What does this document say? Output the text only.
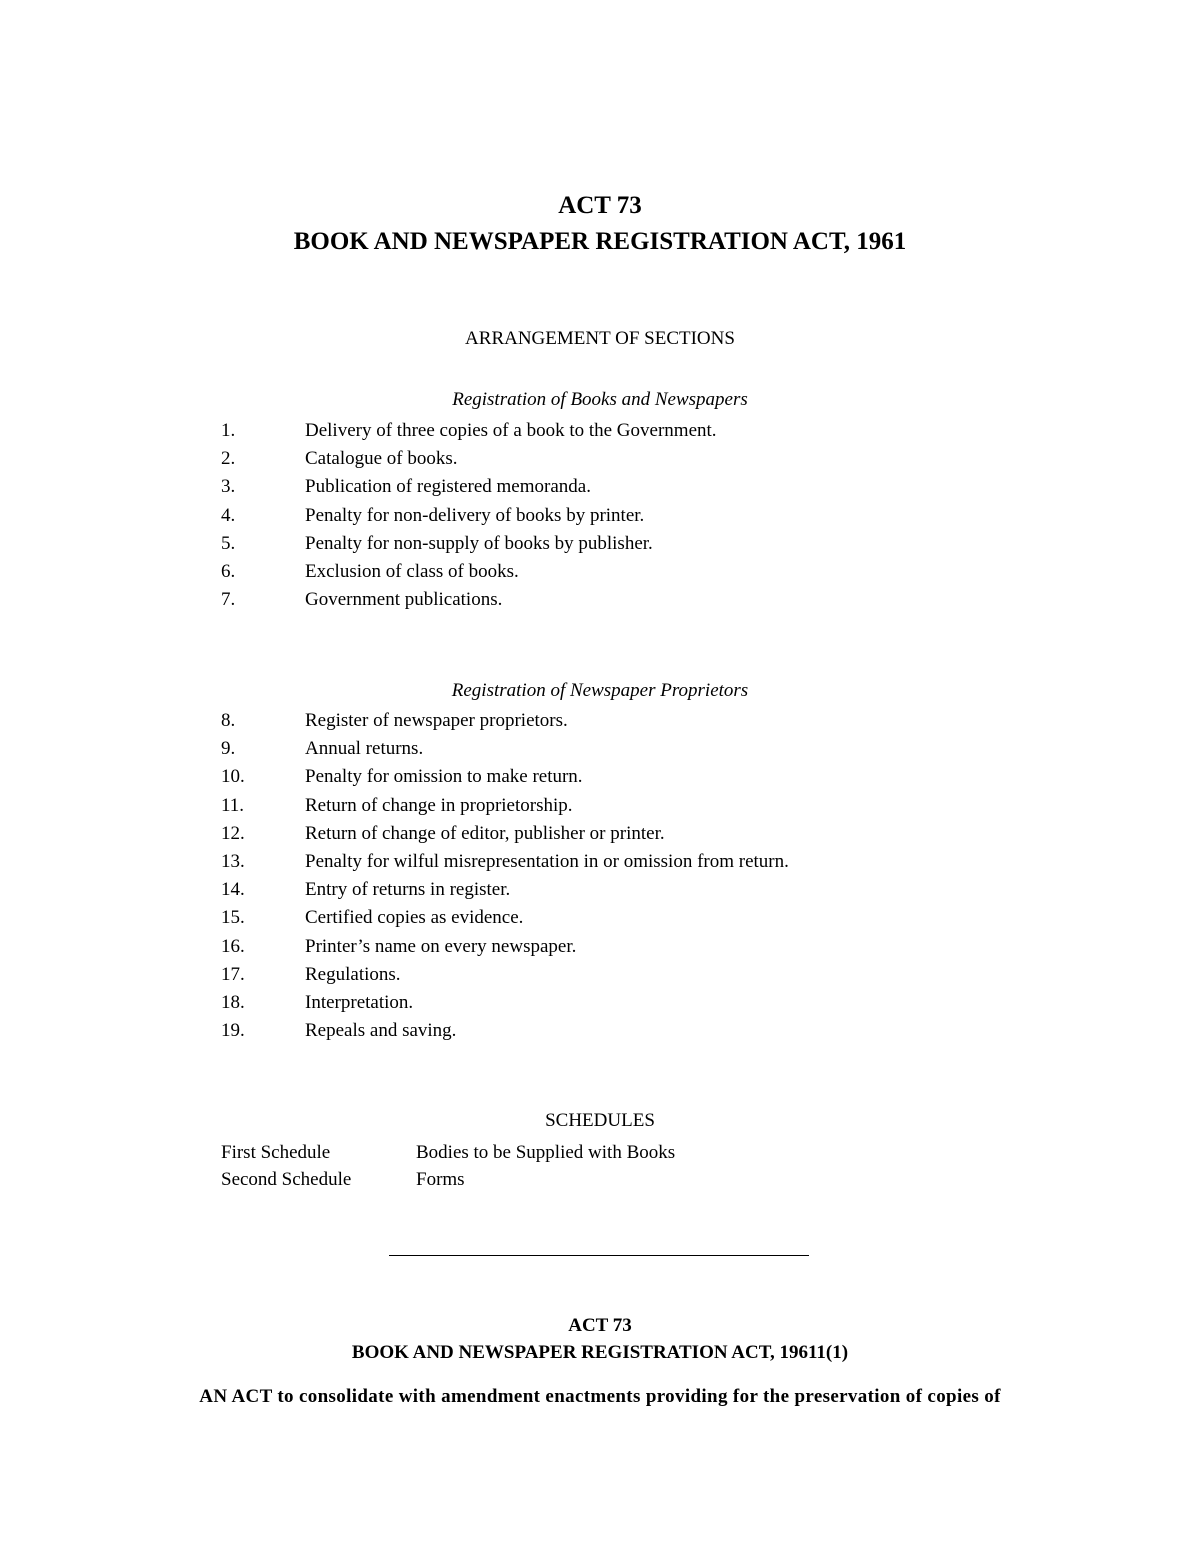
ACT 73
BOOK AND NEWSPAPER REGISTRATION ACT, 1961
ARRANGEMENT OF SECTIONS
Registration of Books and Newspapers
1.	Delivery of three copies of a book to the Government.
2.	Catalogue of books.
3.	Publication of registered memoranda.
4.	Penalty for non-delivery of books by printer.
5.	Penalty for non-supply of books by publisher.
6.	Exclusion of class of books.
7.	Government publications.
Registration of Newspaper Proprietors
8.	Register of newspaper proprietors.
9.	Annual returns.
10.	Penalty for omission to make return.
11.	Return of change in proprietorship.
12.	Return of change of editor, publisher or printer.
13.	Penalty for wilful misrepresentation in or omission from return.
14.	Entry of returns in register.
15.	Certified copies as evidence.
16.	Printer’s name on every newspaper.
17.	Regulations.
18.	Interpretation.
19.	Repeals and saving.
SCHEDULES
First Schedule	Bodies to be Supplied with Books
Second Schedule	Forms
ACT 73
BOOK AND NEWSPAPER REGISTRATION ACT, 19611(1)
AN ACT to consolidate with amendment enactments providing for the preservation of copies of
